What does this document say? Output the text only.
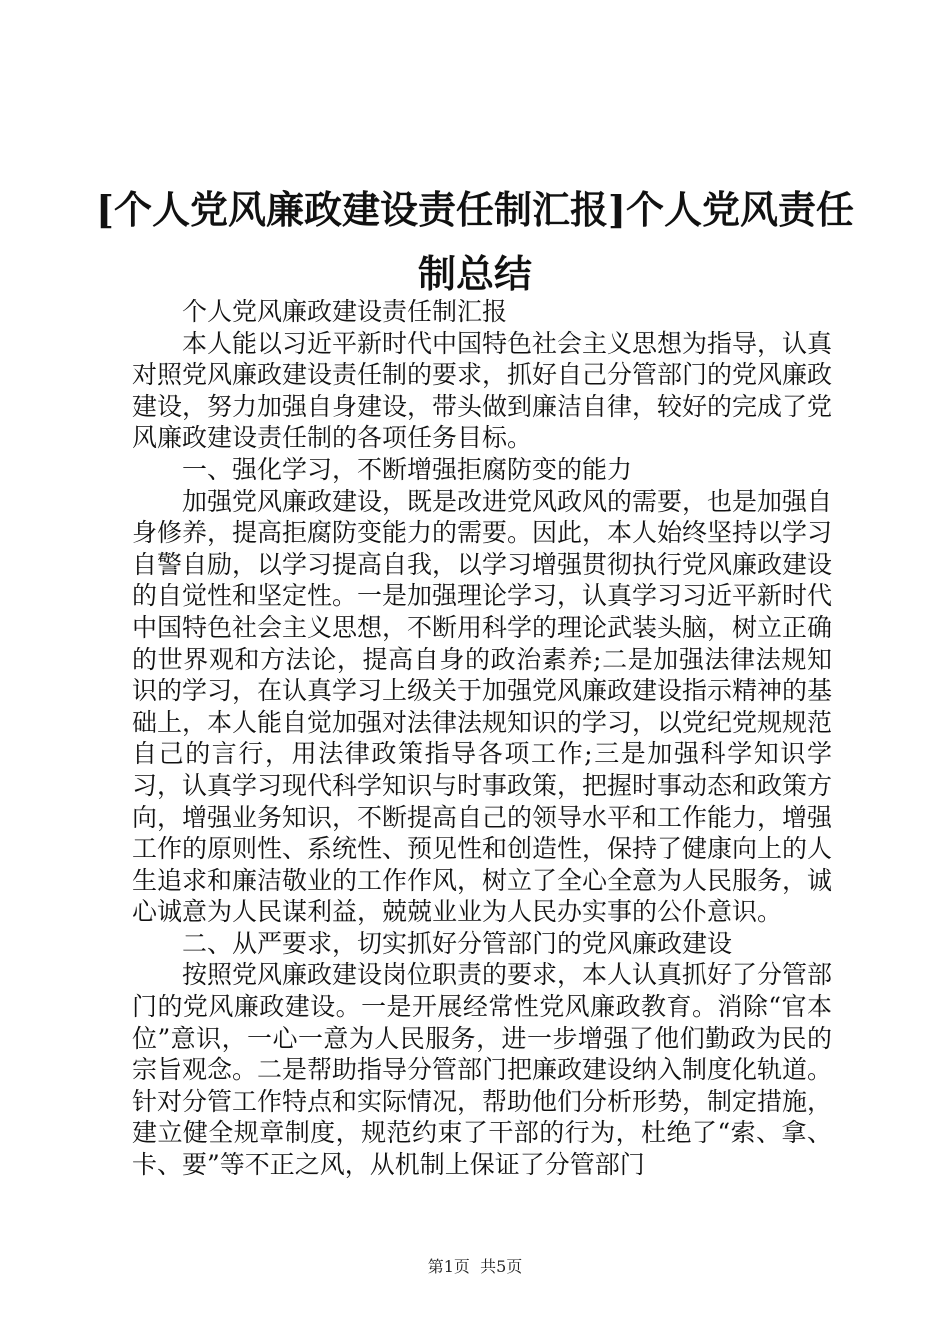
[个人党风廉政建设责任制汇报]个人党风责任制总结

个人党风廉政建设责任制汇报

本人能以习近平新时代中国特色社会主义思想为指导，认真对照党风廉政建设责任制的要求，抓好自己分管部门的党风廉政建设，努力加强自身建设，带头做到廉洁自律，较好的完成了党风廉政建设责任制的各项任务目标。

一、强化学习，不断增强拒腐防变的能力

加强党风廉政建设，既是改进党风政风的需要，也是加强自身修养，提高拒腐防变能力的需要。因此，本人始终坚持以学习自警自励，以学习提高自我，以学习增强贯彻执行党风廉政建设的自觉性和坚定性。一是加强理论学习，认真学习习近平新时代中国特色社会主义思想，不断用科学的理论武装头脑，树立正确的世界观和方法论，提高自身的政治素养;二是加强法律法规知识的学习，在认真学习上级关于加强党风廉政建设指示精神的基础上，本人能自觉加强对法律法规知识的学习，以党纪党规规范自己的言行，用法律政策指导各项工作;三是加强科学知识学习，认真学习现代科学知识与时事政策，把握时事动态和政策方向，增强业务知识，不断提高自己的领导水平和工作能力，增强工作的原则性、系统性、预见性和创造性，保持了健康向上的人生追求和廉洁敬业的工作作风，树立了全心全意为人民服务，诚心诚意为人民谋利益，兢兢业业为人民办实事的公仆意识。

二、从严要求，切实抓好分管部门的党风廉政建设

按照党风廉政建设岗位职责的要求，本人认真抓好了分管部门的党风廉政建设。一是开展经常性党风廉政教育。消除“官本位”意识，一心一意为人民服务，进一步增强了他们勤政为民的宗旨观念。二是帮助指导分管部门把廉政建设纳入制度化轨道。针对分管工作特点和实际情况，帮助他们分析形势，制定措施，建立健全规章制度，规范约束了干部的行为，杜绝了“索、拿、卡、要”等不正之风，从机制上保证了分管部门

第1页 共5页
